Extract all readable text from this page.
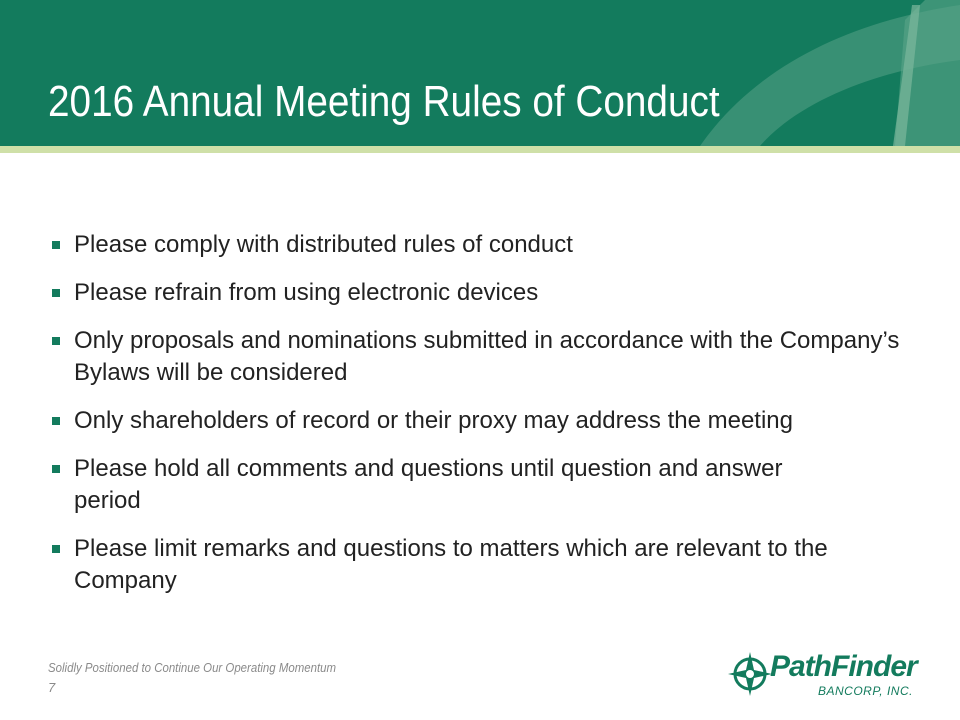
2016 Annual Meeting Rules of Conduct
Please comply with distributed rules of conduct
Please refrain from using electronic devices
Only proposals and nominations submitted in accordance with the Company’s Bylaws will be considered
Only shareholders of record or their proxy may address the meeting
Please hold all comments and questions until question and answer period
Please limit remarks and questions to matters which are relevant to the Company
Solidly Positioned to Continue Our Operating Momentum
7
PathFinder
BANCORP, INC.
